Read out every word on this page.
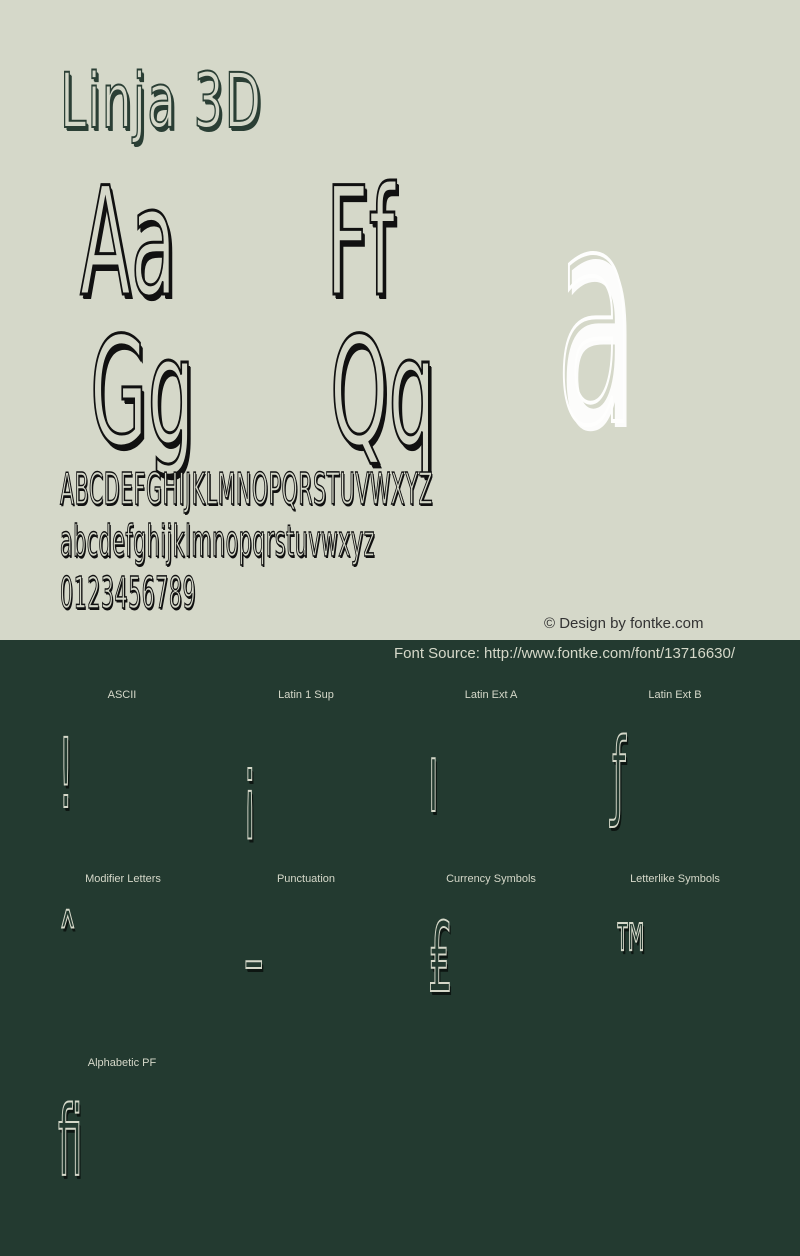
Linja 3D
Aa Ff
Gg Qq a
ABCDEFGHIJKLMNOPQRSTUVWXYZ
abcdefghijklmnopqrstuvwxyz
0123456789
© Design by fontke.com
Font Source: http://www.fontke.com/font/13716630/
ASCII
!
Latin 1 Sup
¡
Latin Ext A
ı
Latin Ext B
ƒ
Modifier Letters
ˆ
Punctuation
–
Currency Symbols
₤
Letterlike Symbols
™
Alphabetic PF
ﬁ
